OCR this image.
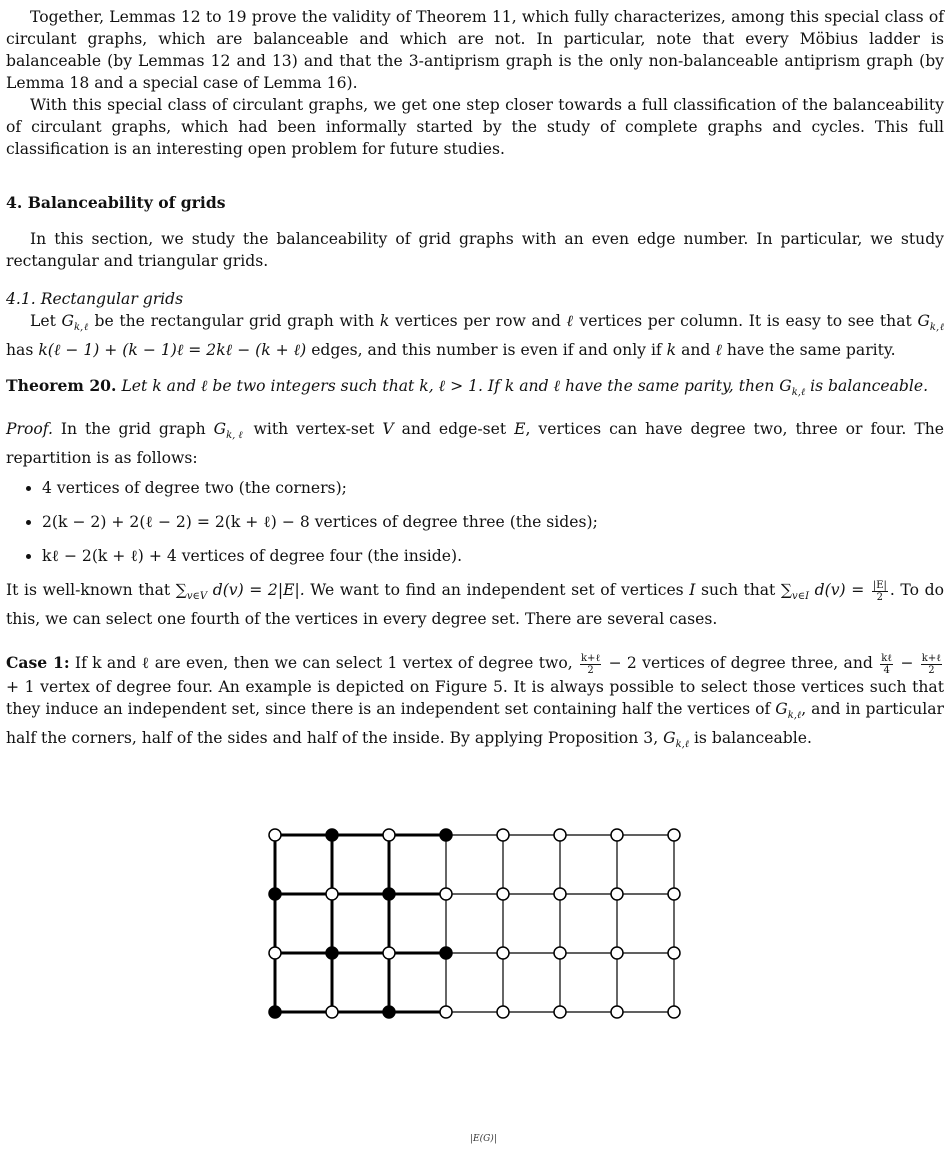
Together, Lemmas 12 to 19 prove the validity of Theorem 11, which fully characterizes, among this special class of circulant graphs, which are balanceable and which are not. In particular, note that every Möbius ladder is balanceable (by Lemmas 12 and 13) and that the 3-antiprism graph is the only non-balanceable antiprism graph (by Lemma 18 and a special case of Lemma 16).

With this special class of circulant graphs, we get one step closer towards a full classification of the balanceability of circulant graphs, which had been informally started by the study of complete graphs and cycles. This full classification is an interesting open problem for future studies.

4. Balanceability of grids

In this section, we study the balanceability of grid graphs with an even edge number. In particular, we study rectangular and triangular grids.

4.1. Rectangular grids

Let $G_{k,\ell}$ be the rectangular grid graph with k vertices per row and ℓ vertices per column. It is easy to see that $G_{k,\ell}$ has k(ℓ − 1) + (k − 1)ℓ = 2kℓ − (k + ℓ) edges, and this number is even if and only if k and ℓ have the same parity.

Theorem 20. Let k and ℓ be two integers such that k, ℓ > 1. If k and ℓ have the same parity, then $G_{k,\ell}$ is balanceable.

Proof. In the grid graph $G_{k,\ell}$ with vertex-set V and edge-set E, vertices can have degree two, three or four. The repartition is as follows:

• 4 vertices of degree two (the corners);
• 2(k − 2) + 2(ℓ − 2) = 2(k + ℓ) − 8 vertices of degree three (the sides);
• kℓ − 2(k + ℓ) + 4 vertices of degree four (the inside).

It is well-known that $\sum_{v\in V}$ d(v) = 2|E|. We want to find an independent set of vertices I such that $\sum_{v\in I}$ $d(v) = \frac{|E|}{2}$ . To do this, we can select one fourth of the vertices in every degree set. There are several cases.

Case 1: If k and ℓ are even, then we can select 1 vertex of degree two, $\frac{\text{k+ℓ}}{2} - 2$ vertices of degree three, and $\frac{\text{kℓ}}{4} - \frac{\text{k+ℓ}}{2}$
+ 1 vertex of degree four. An example is depicted on Figure 5. It is always possible to select those vertices such that they induce an independent set, since there is an independent set containing half the vertices of $G_{k,\ell}$, and in particular half the corners, half of the sides and half of the inside. By applying Proposition 3, $G_{k,\ell}$ is balanceable.

|E(G)|
